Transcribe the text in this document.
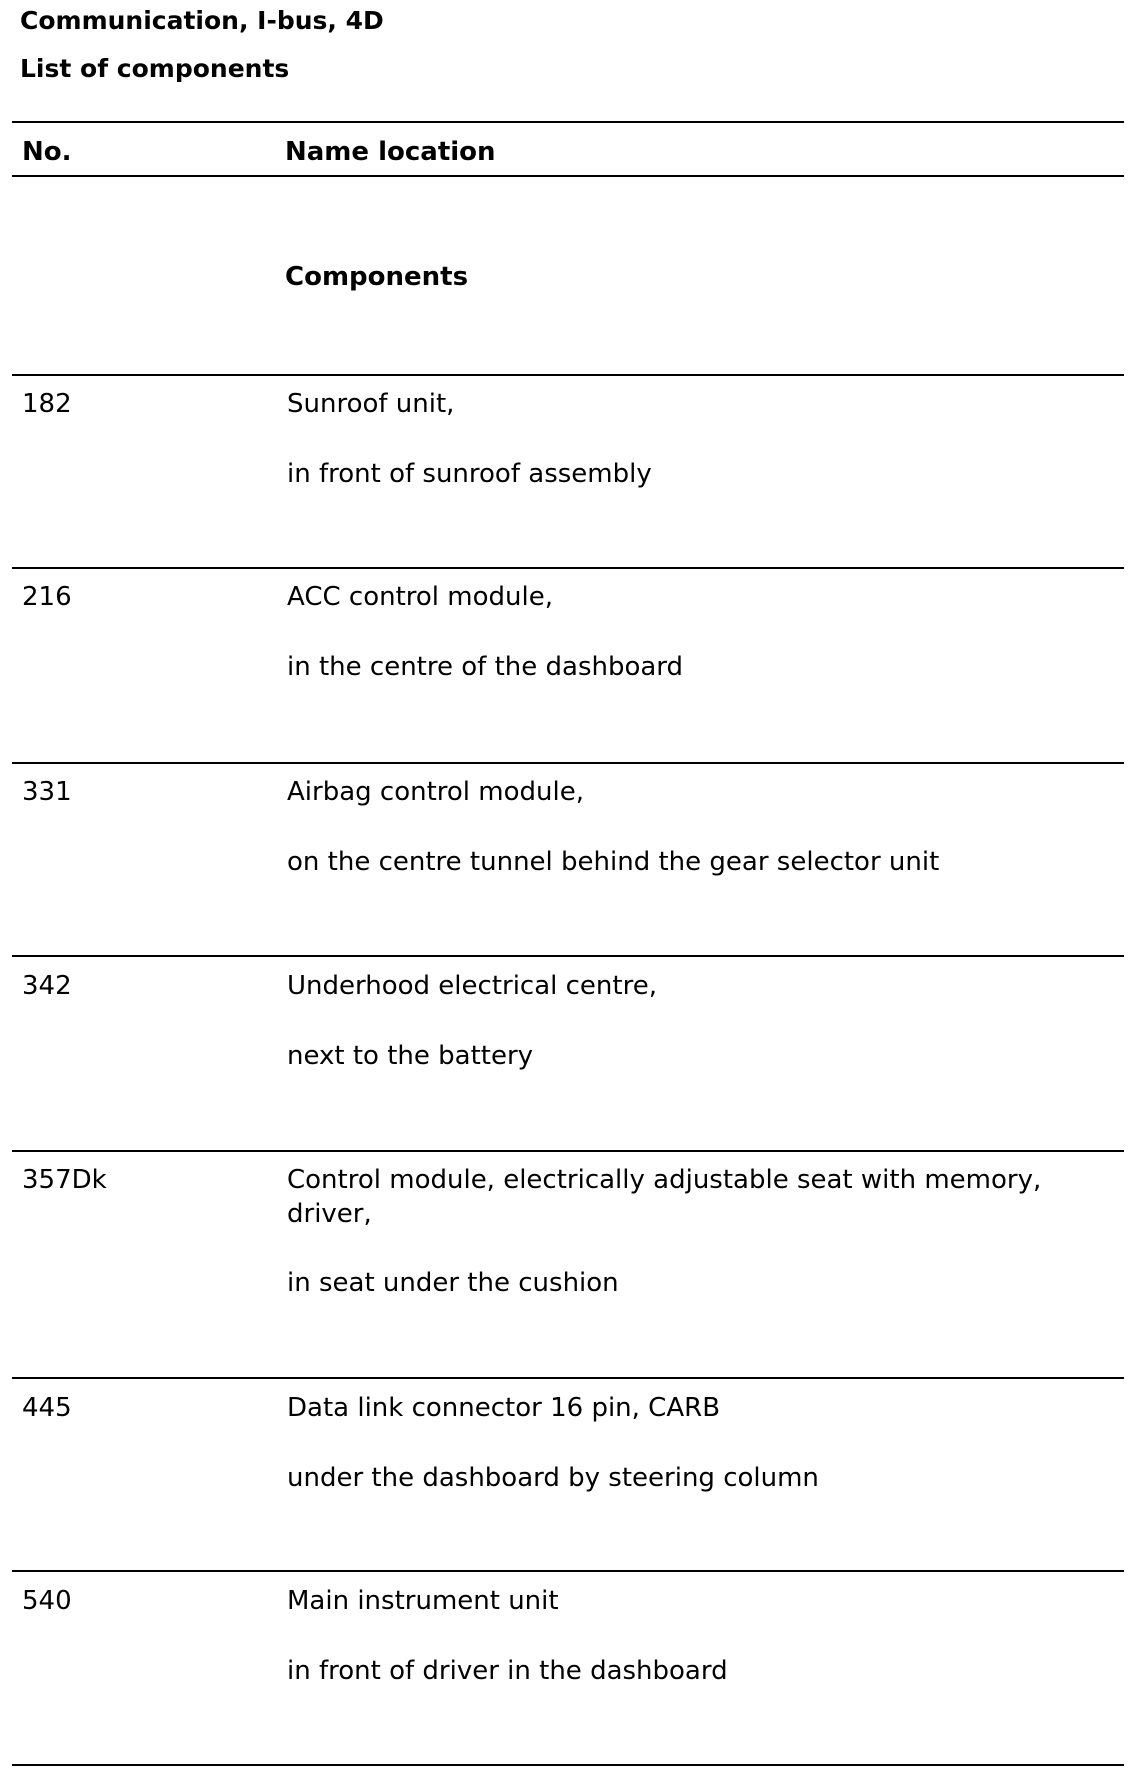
Communication, I-bus, 4D
List of components
No.	Name location
Components
182	Sunroof unit,
in front of sunroof assembly
216	ACC control module,
in the centre of the dashboard
331	Airbag control module,
on the centre tunnel behind the gear selector unit
342	Underhood electrical centre,
next to the battery
357Dk	Control module, electrically adjustable seat with memory, driver,
in seat under the cushion
445	Data link connector 16 pin, CARB
under the dashboard by steering column
540	Main instrument unit
in front of driver in the dashboard
